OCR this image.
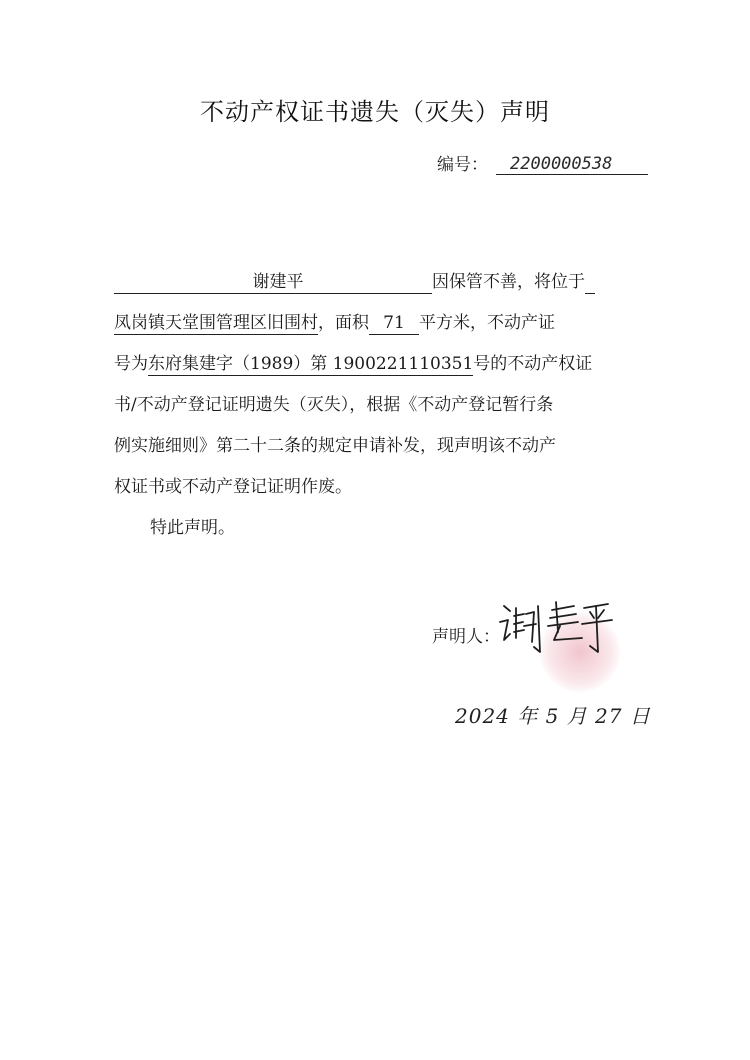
不动产权证书遗失（灭失）声明
编号：	2200000538
谢建平	因保管不善，将位于
凤岗镇天堂围管理区旧围村，面积 71 平方米，不动产证
号为东府集建字（1989）第 1900221110351号的不动产权证
书/不动产登记证明遗失（灭失），根据《不动产登记暂行条
例实施细则》第二十二条的规定申请补发，现声明该不动产
权证书或不动产登记证明作废。
特此声明。
声明人：
2024 年 5 月 27 日
